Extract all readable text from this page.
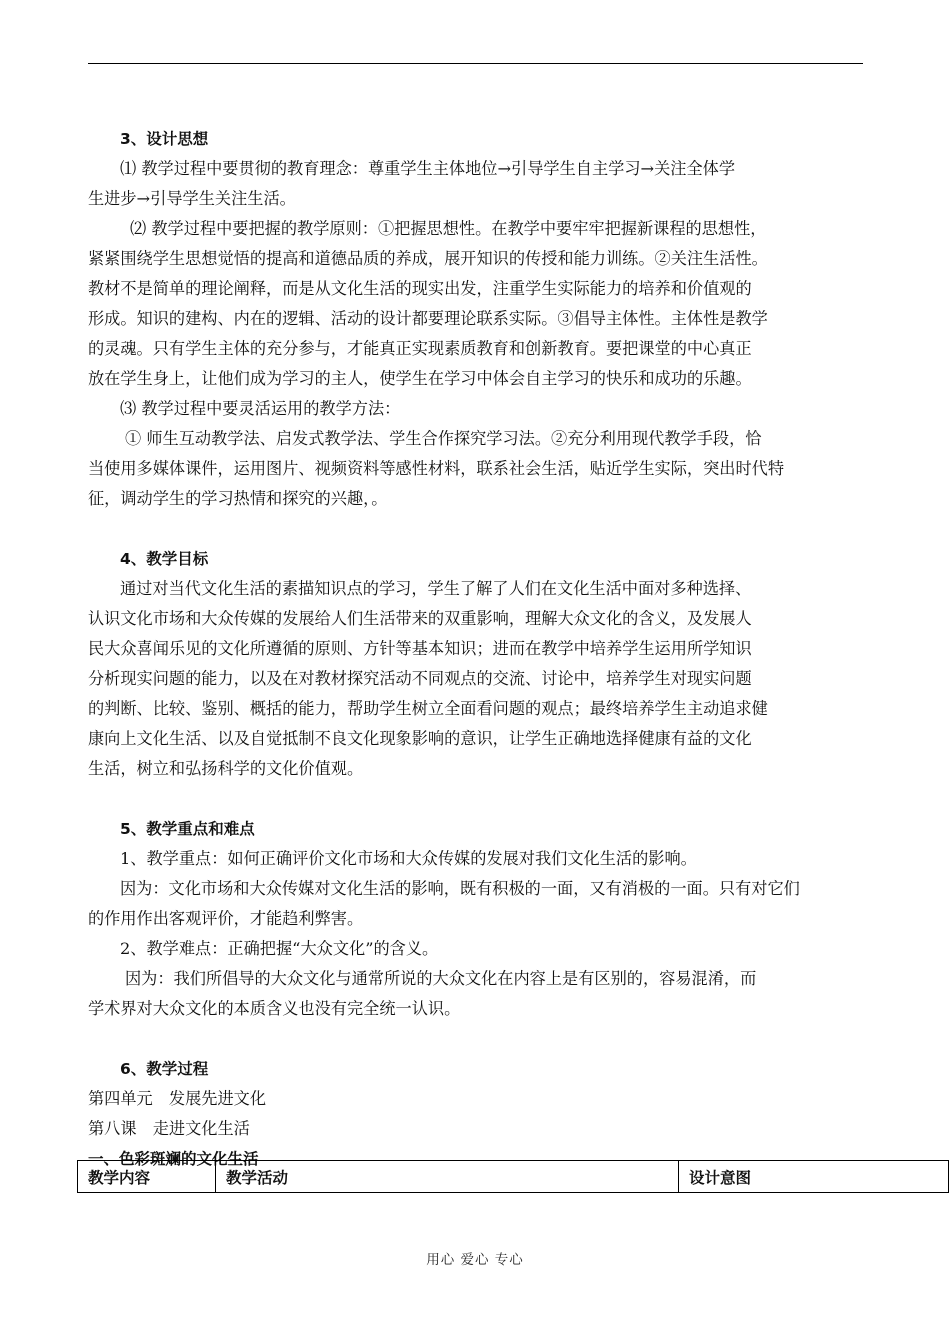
3、设计思想
⑴ 教学过程中要贯彻的教育理念：尊重学生主体地位→引导学生自主学习→关注全体学
生进步→引导学生关注生活。
⑵ 教学过程中要把握的教学原则：①把握思想性。在教学中要牢牢把握新课程的思想性，
紧紧围绕学生思想觉悟的提高和道德品质的养成，展开知识的传授和能力训练。②关注生活性。
教材不是简单的理论阐释，而是从文化生活的现实出发，注重学生实际能力的培养和价值观的
形成。知识的建构、内在的逻辑、活动的设计都要理论联系实际。③倡导主体性。主体性是教学
的灵魂。只有学生主体的充分参与，才能真正实现素质教育和创新教育。要把课堂的中心真正
放在学生身上，让他们成为学习的主人，使学生在学习中体会自主学习的快乐和成功的乐趣。
⑶ 教学过程中要灵活运用的教学方法：
① 师生互动教学法、启发式教学法、学生合作探究学习法。②充分利用现代教学手段，恰
当使用多媒体课件，运用图片、视频资料等感性材料，联系社会生活，贴近学生实际，突出时代特
征，调动学生的学习热情和探究的兴趣，。
4、教学目标
通过对当代文化生活的素描知识点的学习，学生了解了人们在文化生活中面对多种选择、
认识文化市场和大众传媒的发展给人们生活带来的双重影响，理解大众文化的含义，及发展人
民大众喜闻乐见的文化所遵循的原则、方针等基本知识；进而在教学中培养学生运用所学知识
分析现实问题的能力，以及在对教材探究活动不同观点的交流、讨论中，培养学生对现实问题
的判断、比较、鉴别、概括的能力，帮助学生树立全面看问题的观点；最终培养学生主动追求健
康向上文化生活、以及自觉抵制不良文化现象影响的意识，让学生正确地选择健康有益的文化
生活，树立和弘扬科学的文化价值观。
5、教学重点和难点
1、教学重点：如何正确评价文化市场和大众传媒的发展对我们文化生活的影响。
因为：文化市场和大众传媒对文化生活的影响，既有积极的一面，又有消极的一面。只有对它们
的作用作出客观评价，才能趋利弊害。
2、教学难点：正确把握“大众文化”的含义。
因为：我们所倡导的大众文化与通常所说的大众文化在内容上是有区别的，容易混淆，而
学术界对大众文化的本质含义也没有完全统一认识。
6、教学过程
第四单元　发展先进文化
第八课　走进文化生活
一、色彩斑斓的文化生活
教学内容	教学活动	设计意图
用心 爱心 专心
